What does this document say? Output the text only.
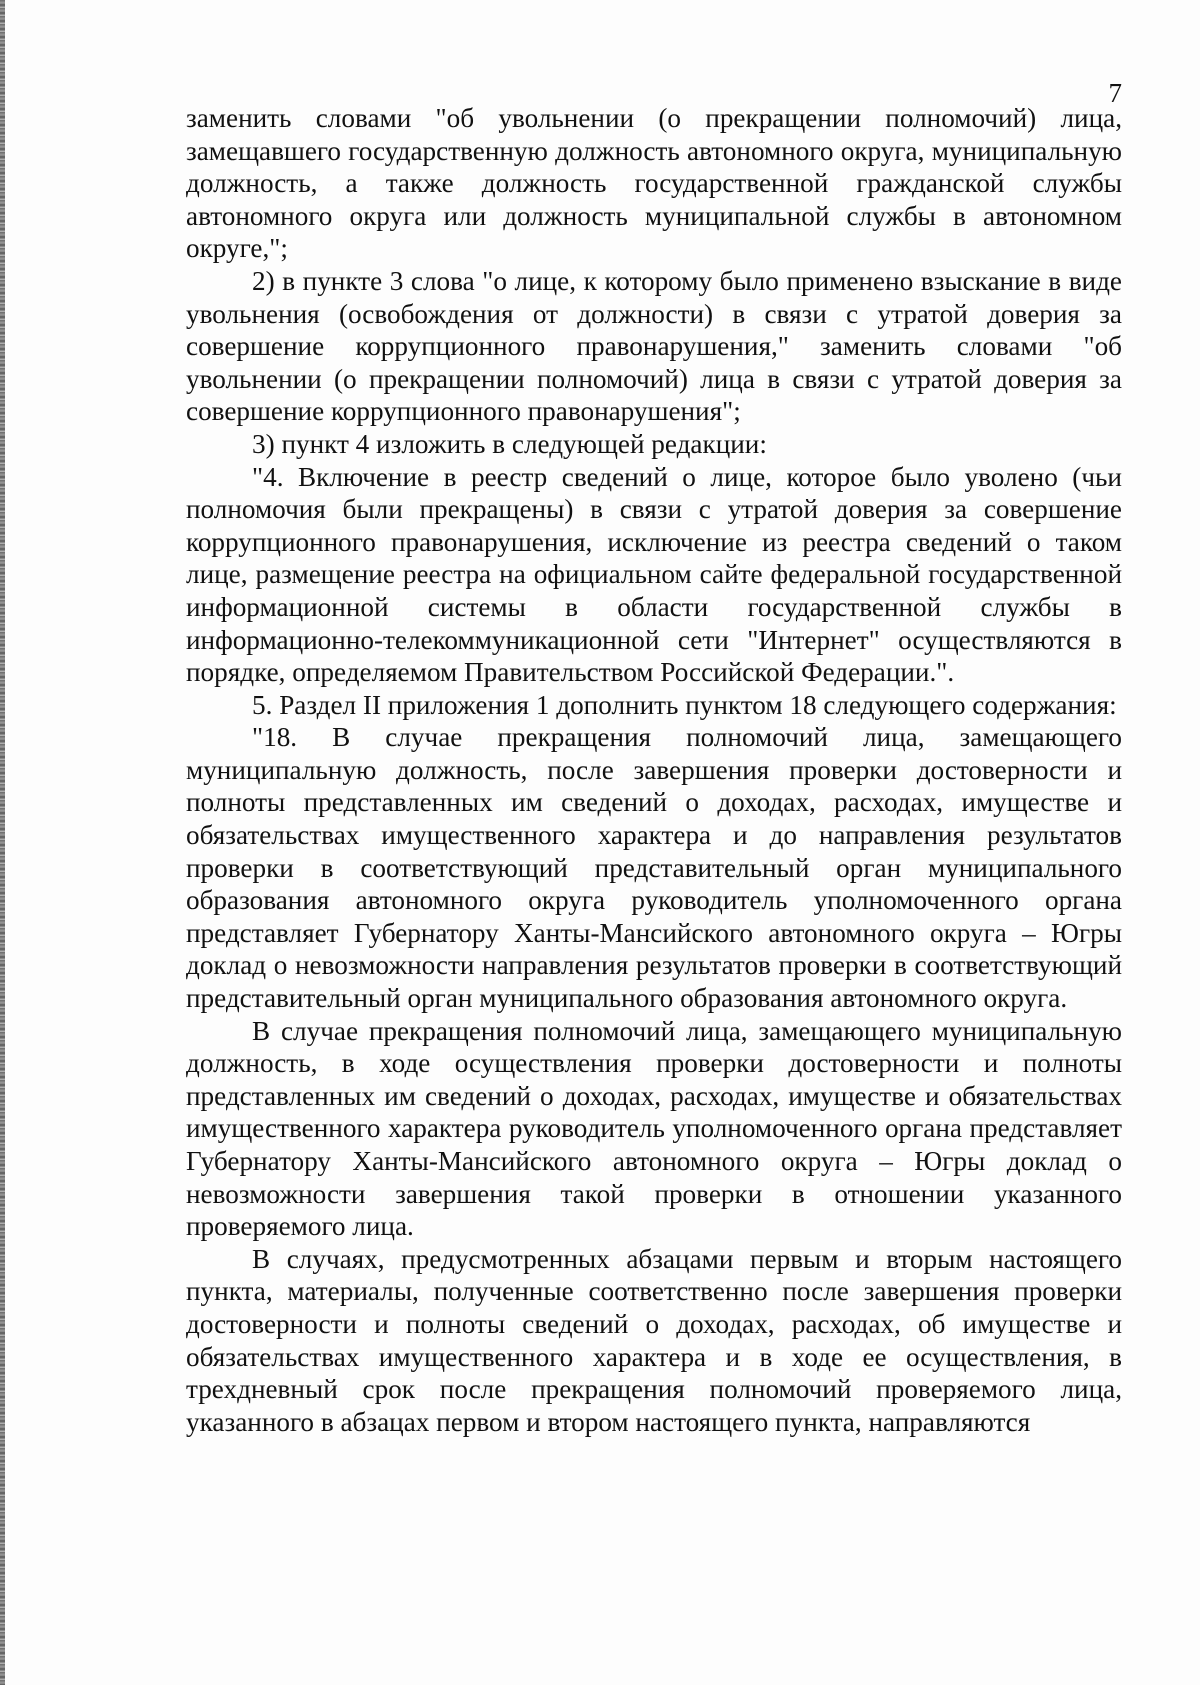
7

заменить словами "об увольнении (о прекращении полномочий) лица, замещавшего государственную должность автономного округа, муниципальную должность, а также должность государственной гражданской службы автономного округа или должность муниципальной службы в автономном округе,";

2) в пункте 3 слова "о лице, к которому было применено взыскание в виде увольнения (освобождения от должности) в связи с утратой доверия за совершение коррупционного правонарушения," заменить словами "об увольнении (о прекращении полномочий) лица в связи с утратой доверия за совершение коррупционного правонарушения";

3) пункт 4 изложить в следующей редакции:

"4. Включение в реестр сведений о лице, которое было уволено (чьи полномочия были прекращены) в связи с утратой доверия за совершение коррупционного правонарушения, исключение из реестра сведений о таком лице, размещение реестра на официальном сайте федеральной государственной информационной системы в области государственной службы в информационно-телекоммуникационной сети "Интернет" осуществляются в порядке, определяемом Правительством Российской Федерации.".

5. Раздел II приложения 1 дополнить пунктом 18 следующего содержания:

"18. В случае прекращения полномочий лица, замещающего муниципальную должность, после завершения проверки достоверности и полноты представленных им сведений о доходах, расходах, имуществе и обязательствах имущественного характера и до направления результатов проверки в соответствующий представительный орган муниципального образования автономного округа руководитель уполномоченного органа представляет Губернатору Ханты-Мансийского автономного округа – Югры доклад о невозможности направления результатов проверки в соответствующий представительный орган муниципального образования автономного округа.

В случае прекращения полномочий лица, замещающего муниципальную должность, в ходе осуществления проверки достоверности и полноты представленных им сведений о доходах, расходах, имуществе и обязательствах имущественного характера руководитель уполномоченного органа представляет Губернатору Ханты-Мансийского автономного округа – Югры доклад о невозможности завершения такой проверки в отношении указанного проверяемого лица.

В случаях, предусмотренных абзацами первым и вторым настоящего пункта, материалы, полученные соответственно после завершения проверки достоверности и полноты сведений о доходах, расходах, об имуществе и обязательствах имущественного характера и в ходе ее осуществления, в трехдневный срок после прекращения полномочий проверяемого лица, указанного в абзацах первом и втором настоящего пункта, направляются
